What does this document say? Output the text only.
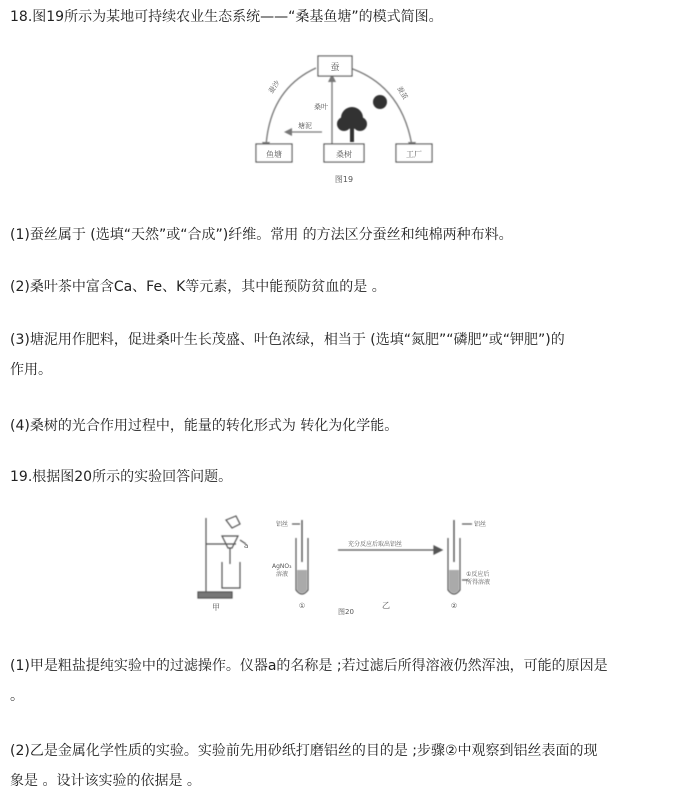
18.图19所示为某地可持续农业生态系统——“桑基鱼塘”的模式简图。
蚕
鱼塘	桑树	工厂
蚕沙	蚕茧
桑叶
塘泥
图19
(1)蚕丝属于 (选填“天然”或“合成”)纤维。常用 的方法区分蚕丝和纯棉两种布料。
(2)桑叶茶中富含Ca、Fe、K等元素，其中能预防贫血的是 。
(3)塘泥用作肥料，促进桑叶生长茂盛、叶色浓绿，相当于 (选填“氮肥”“磷肥”或“钾肥”)的
作用。
(4)桑树的光合作用过程中，能量的转化形式为 转化为化学能。
19.根据图20所示的实验回答问题。
a
甲
铝丝
AgNO₃
溶液
①
充分反应后取出铝丝
铝丝
①反应后
所得溶液
②
图20
乙
(1)甲是粗盐提纯实验中的过滤操作。仪器a的名称是 ;若过滤后所得溶液仍然浑浊，可能的原因是
。
(2)乙是金属化学性质的实验。实验前先用砂纸打磨铝丝的目的是 ;步骤②中观察到铝丝表面的现
象是 。设计该实验的依据是 。
